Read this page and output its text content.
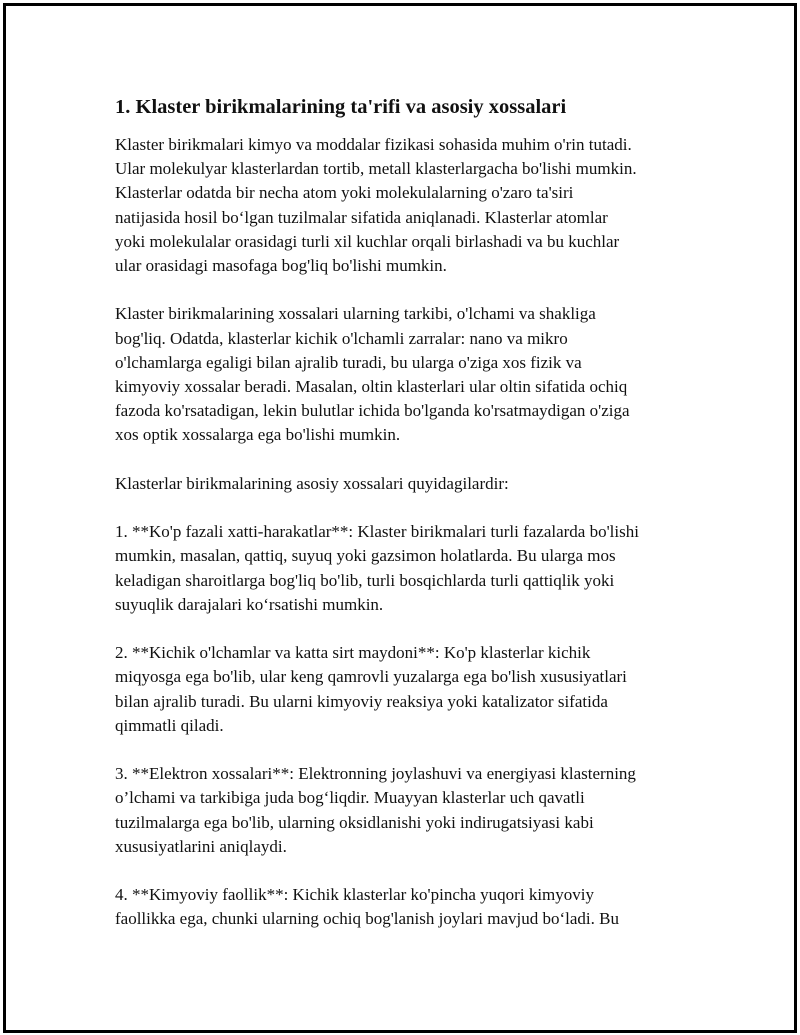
1. Klaster birikmalarining ta'rifi va asosiy xossalari

Klaster birikmalari kimyo va moddalar fizikasi sohasida muhim o'rin tutadi.
Ular molekulyar klasterlardan tortib, metall klasterlargacha bo'lishi mumkin.
Klasterlar odatda bir necha atom yoki molekulalarning o'zaro ta'siri
natijasida hosil bo‘lgan tuzilmalar sifatida aniqlanadi. Klasterlar atomlar
yoki molekulalar orasidagi turli xil kuchlar orqali birlashadi va bu kuchlar
ular orasidagi masofaga bog'liq bo'lishi mumkin.

Klaster birikmalarining xossalari ularning tarkibi, o'lchami va shakliga
bog'liq. Odatda, klasterlar kichik o'lchamli zarralar: nano va mikro
o'lchamlarga egaligi bilan ajralib turadi, bu ularga o'ziga xos fizik va
kimyoviy xossalar beradi. Masalan, oltin klasterlari ular oltin sifatida ochiq
fazoda ko'rsatadigan, lekin bulutlar ichida bo'lganda ko'rsatmaydigan o'ziga
xos optik xossalarga ega bo'lishi mumkin.

Klasterlar birikmalarining asosiy xossalari quyidagilardir:

1. **Ko'p fazali xatti-harakatlar**: Klaster birikmalari turli fazalarda bo'lishi
mumkin, masalan, qattiq, suyuq yoki gazsimon holatlarda. Bu ularga mos
keladigan sharoitlarga bog'liq bo'lib, turli bosqichlarda turli qattiqlik yoki
suyuqlik darajalari ko‘rsatishi mumkin.

2. **Kichik o'lchamlar va katta sirt maydoni**: Ko'p klasterlar kichik
miqyosga ega bo'lib, ular keng qamrovli yuzalarga ega bo'lish xususiyatlari
bilan ajralib turadi. Bu ularni kimyoviy reaksiya yoki katalizator sifatida
qimmatli qiladi.

3. **Elektron xossalari**: Elektronning joylashuvi va energiyasi klasterning
o’lchami va tarkibiga juda bog‘liqdir. Muayyan klasterlar uch qavatli
tuzilmalarga ega bo'lib, ularning oksidlanishi yoki indirugatsiyasi kabi
xususiyatlarini aniqlaydi.

4. **Kimyoviy faollik**: Kichik klasterlar ko'pincha yuqori kimyoviy
faollikka ega, chunki ularning ochiq bog'lanish joylari mavjud bo‘ladi. Bu
